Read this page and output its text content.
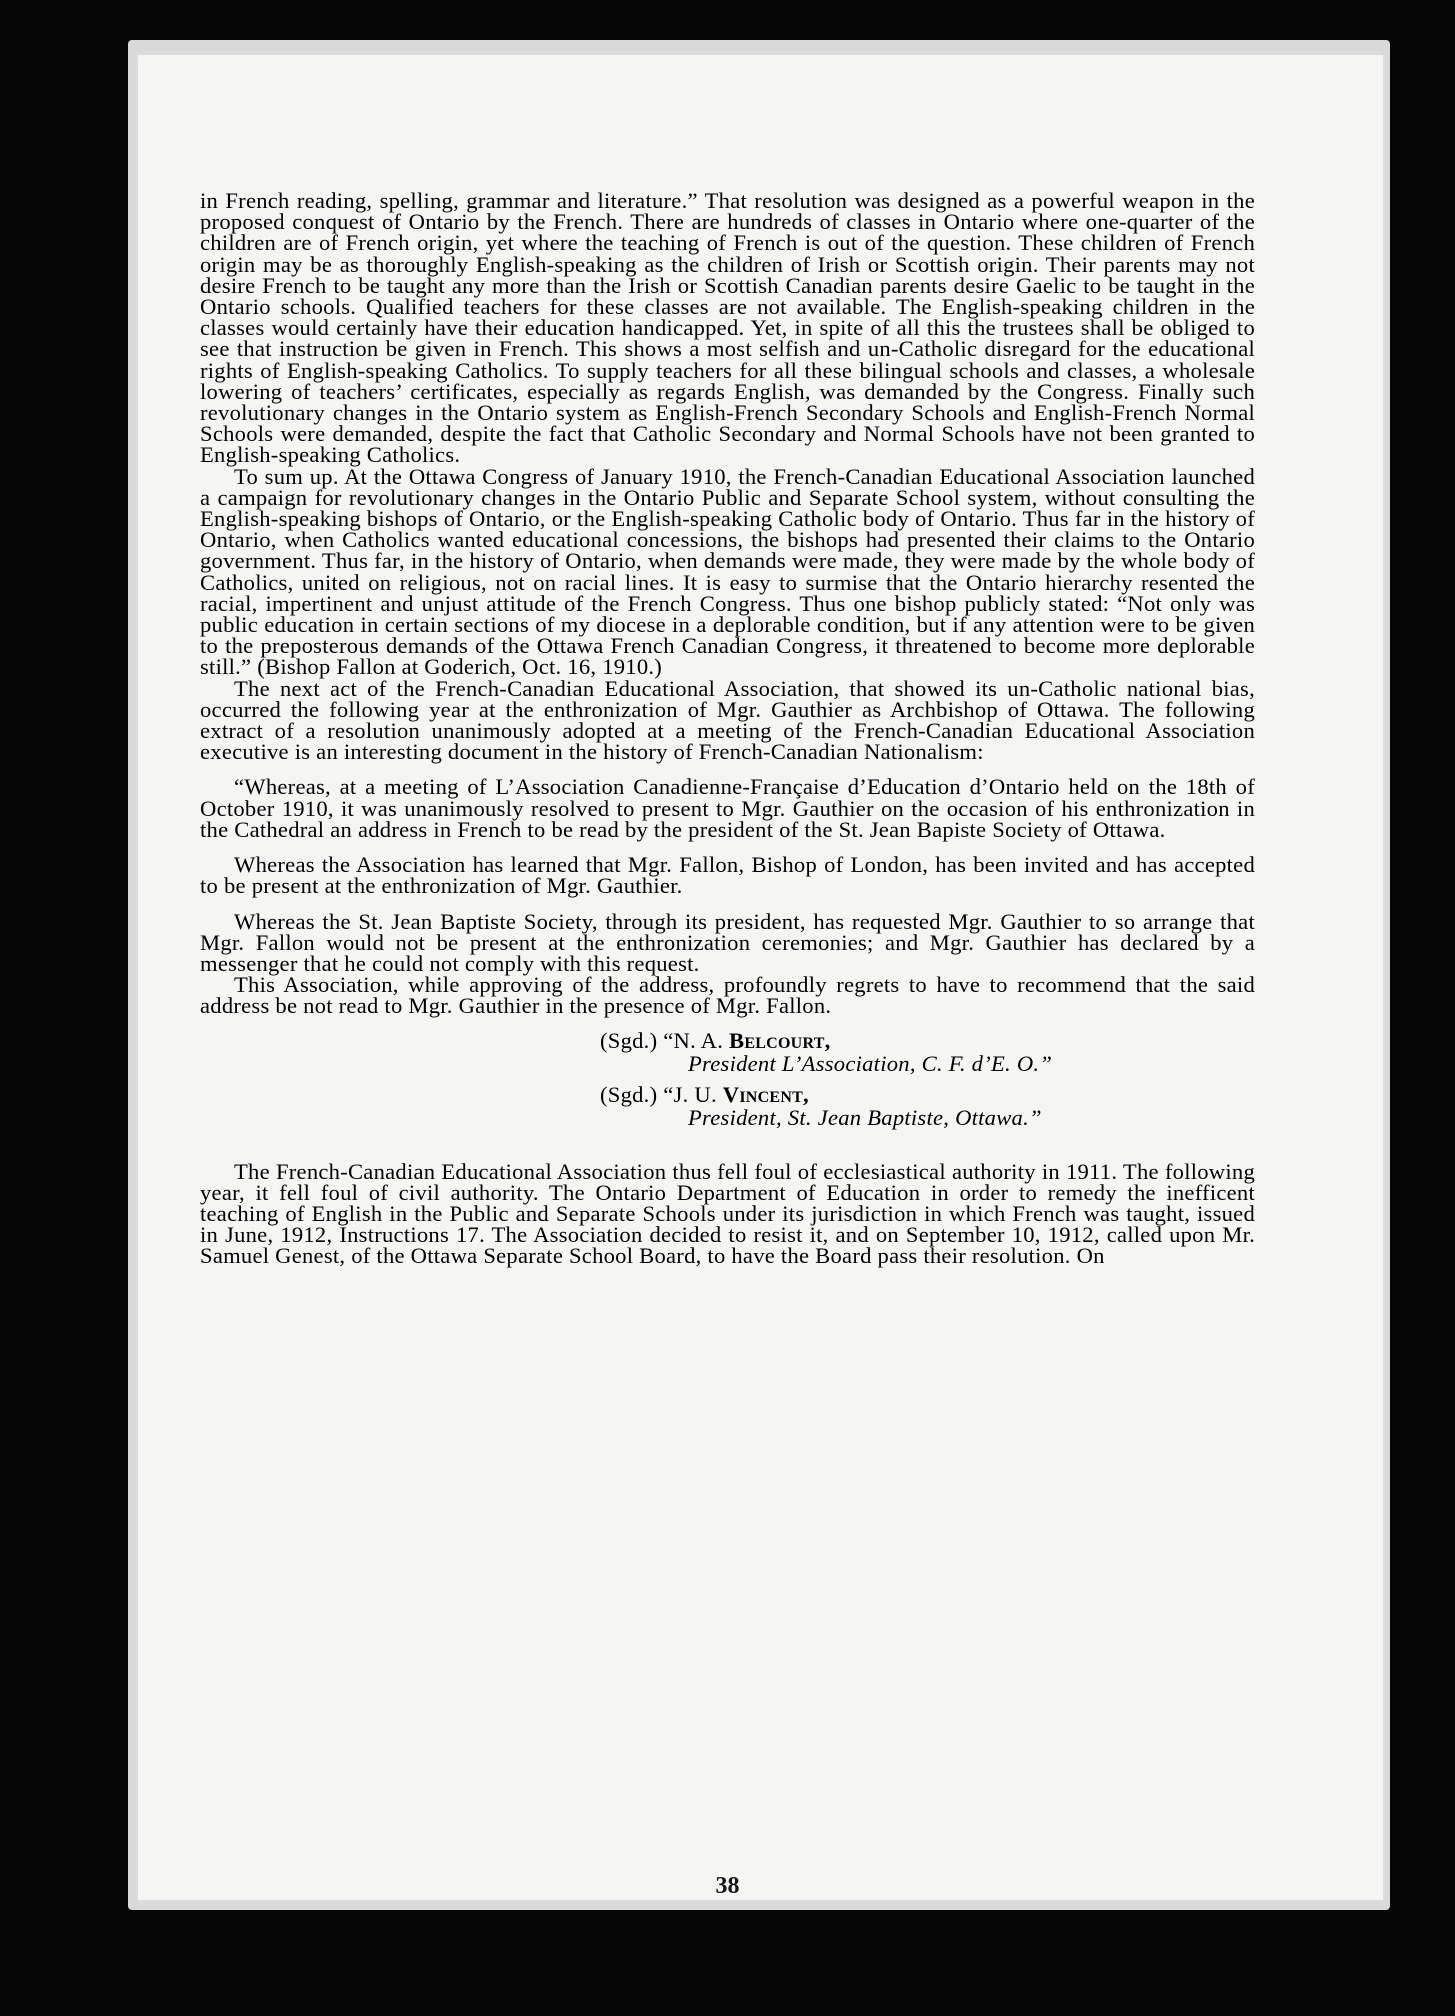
in French reading, spelling, grammar and literature.” That resolution was designed as a powerful weapon in the proposed conquest of Ontario by the French. There are hundreds of classes in Ontario where one-quarter of the children are of French origin, yet where the teaching of French is out of the question. These children of French origin may be as thoroughly English-speaking as the children of Irish or Scottish origin. Their parents may not desire French to be taught any more than the Irish or Scottish Canadian parents desire Gaelic to be taught in the Ontario schools. Qualified teachers for these classes are not available. The English-speaking children in the classes would certainly have their education handicapped. Yet, in spite of all this the trustees shall be obliged to see that instruction be given in French. This shows a most selfish and un-Catholic disregard for the educational rights of English-speaking Catholics. To supply teachers for all these bilingual schools and classes, a wholesale lowering of teachers’ certificates, especially as regards English, was demanded by the Congress. Finally such revolutionary changes in the Ontario system as English-French Secondary Schools and English-French Normal Schools were demanded, despite the fact that Catholic Secondary and Normal Schools have not been granted to English-speaking Catholics.

To sum up. At the Ottawa Congress of January 1910, the French-Canadian Educational Association launched a campaign for revolutionary changes in the Ontario Public and Separate School system, without consulting the English-speaking bishops of Ontario, or the English-speaking Catholic body of Ontario. Thus far in the history of Ontario, when Catholics wanted educational concessions, the bishops had presented their claims to the Ontario government. Thus far, in the history of Ontario, when demands were made, they were made by the whole body of Catholics, united on religious, not on racial lines. It is easy to surmise that the Ontario hierarchy resented the racial, impertinent and unjust attitude of the French Congress. Thus one bishop publicly stated: “Not only was public education in certain sections of my diocese in a deplorable condition, but if any attention were to be given to the preposterous demands of the Ottawa French Canadian Congress, it threatened to become more deplorable still.” (Bishop Fallon at Goderich, Oct. 16, 1910.)

The next act of the French-Canadian Educational Association, that showed its un-Catholic national bias, occurred the following year at the enthronization of Mgr. Gauthier as Archbishop of Ottawa. The following extract of a resolution unanimously adopted at a meeting of the French-Canadian Educational Association executive is an interesting document in the history of French-Canadian Nationalism:

“Whereas, at a meeting of L’Association Canadienne-Française d’Education d’Ontario held on the 18th of October 1910, it was unanimously resolved to present to Mgr. Gauthier on the occasion of his enthronization in the Cathedral an address in French to be read by the president of the St. Jean Bapiste Society of Ottawa.

Whereas the Association has learned that Mgr. Fallon, Bishop of London, has been invited and has accepted to be present at the enthronization of Mgr. Gauthier.

Whereas the St. Jean Baptiste Society, through its president, has requested Mgr. Gauthier to so arrange that Mgr. Fallon would not be present at the enthronization ceremonies; and Mgr. Gauthier has declared by a messenger that he could not comply with this request.

This Association, while approving of the address, profoundly regrets to have to recommend that the said address be not read to Mgr. Gauthier in the presence of Mgr. Fallon.

(Sgd.) “N. A. Belcourt,
President L’Association, C. F. d’E. O.”
(Sgd.) “J. U. Vincent,
President, St. Jean Baptiste, Ottawa.”

The French-Canadian Educational Association thus fell foul of ecclesiastical authority in 1911. The following year, it fell foul of civil authority. The Ontario Department of Education in order to remedy the inefficent teaching of English in the Public and Separate Schools under its jurisdiction in which French was taught, issued in June, 1912, Instructions 17. The Association decided to resist it, and on September 10, 1912, called upon Mr. Samuel Genest, of the Ottawa Separate School Board, to have the Board pass their resolution. On

38
